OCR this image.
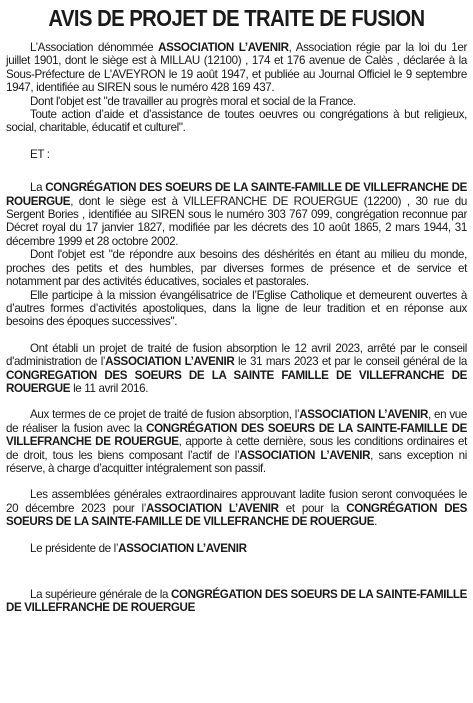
AVIS DE PROJET DE TRAITE DE FUSION

L’Association dénommée ASSOCIATION L’AVENIR, Association régie par la loi du 1er juillet 1901, dont le siège est à MILLAU (12100) , 174 et 176 avenue de Calès , déclarée à la Sous-Préfecture de L'AVEYRON le 19 août 1947, et publiée au Journal Officiel le 9 septembre 1947, identifiée au SIREN sous le numéro 428 169 437.

Dont l'objet est "de travailler au progrès moral et social de la France.

Toute action d’aide et d’assistance de toutes oeuvres ou congrégations à but religieux, social, charitable, éducatif et culturel".

ET :

La CONGRÉGATION DES SOEURS DE LA SAINTE-FAMILLE DE VILLEFRANCHE DE ROUERGUE, dont le siège est à VILLEFRANCHE DE ROUERGUE (12200) , 30 rue du Sergent Bories , identifiée au SIREN sous le numéro 303 767 099, congrégation reconnue par Décret royal du 17 janvier 1827, modifiée par les décrets des 10 août 1865, 2 mars 1944, 31 décembre 1999 et 28 octobre 2002.

Dont l'objet est "de répondre aux besoins des déshérités en étant au milieu du monde, proches des petits et des humbles, par diverses formes de présence et de service et notamment par des activités éducatives, sociales et pastorales.

Elle participe à la mission évangélisatrice de l’Eglise Catholique et demeurent ouvertes à d’autres formes d’activités apostoliques, dans la ligne de leur tradition et en réponse aux besoins des époques successives".

Ont établi un projet de traité de fusion absorption le 12 avril 2023, arrêté par le conseil d'administration de l’ASSOCIATION L’AVENIR le 31 mars 2023 et par le conseil général de la CONGREGATION DES SOEURS DE LA SAINTE FAMILLE DE VILLEFRANCHE DE ROUERGUE le 11 avril 2016.

Aux termes de ce projet de traité de fusion absorption, l’ASSOCIATION L’AVENIR, en vue de réaliser la fusion avec la CONGRÉGATION DES SOEURS DE LA SAINTE-FAMILLE DE VILLEFRANCHE DE ROUERGUE, apporte à cette dernière, sous les conditions ordinaires et de droit, tous les biens composant l’actif de l’ASSOCIATION L’AVENIR, sans exception ni réserve, à charge d’acquitter intégralement son passif.

Les assemblées générales extraordinaires approuvant ladite fusion seront convoquées le 20 décembre 2023 pour l’ASSOCIATION L’AVENIR et pour la CONGRÉGATION DES SOEURS DE LA SAINTE-FAMILLE DE VILLEFRANCHE DE ROUERGUE.

Le présidente de l’ASSOCIATION L’AVENIR

La supérieure générale de la CONGRÉGATION DES SOEURS DE LA SAINTE-FAMILLE DE VILLEFRANCHE DE ROUERGUE
